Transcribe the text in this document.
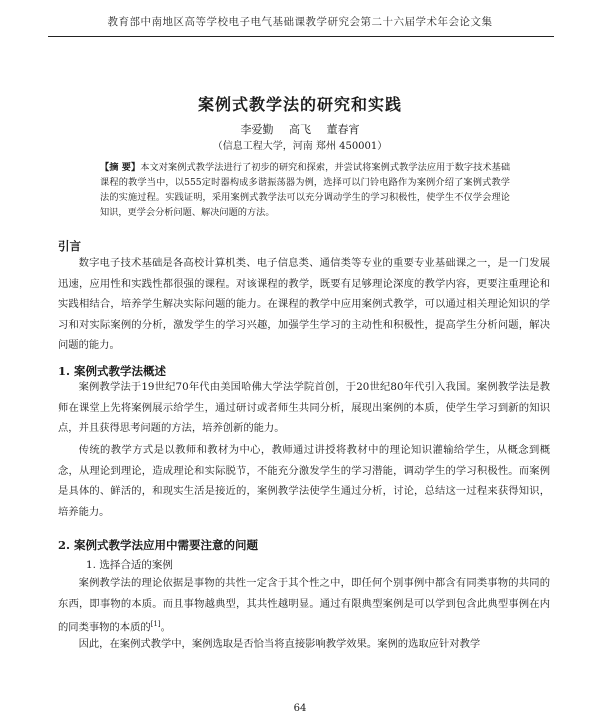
教育部中南地区高等学校电子电气基础课教学研究会第二十六届学术年会论文集
案例式教学法的研究和实践
李爱勤 高飞 董春宵
（信息工程大学，河南 郑州 450001）
【摘 要】本文对案例式教学法进行了初步的研究和探索，并尝试将案例式教学法应用于数字技术基础课程的教学当中，以555定时器构成多谐振荡器为例，选择可以门铃电路作为案例介绍了案例式教学法的实施过程。实践证明，采用案例式教学法可以充分调动学生的学习积极性，使学生不仅学会理论知识，更学会分析问题、解决问题的方法。
引言

数字电子技术基础是各高校计算机类、电子信息类、通信类等专业的重要专业基础课之一，是一门发展迅速，应用性和实践性都很强的课程。对该课程的教学，既要有足够理论深度的教学内容，更要注重理论和实践相结合，培养学生解决实际问题的能力。在课程的教学中应用案例式教学，可以通过相关理论知识的学习和对实际案例的分析，激发学生的学习兴趣，加强学生学习的主动性和积极性，提高学生分析问题，解决问题的能力。

1. 案例式教学法概述

案例教学法于19世纪70年代由美国哈佛大学法学院首创，于20世纪80年代引入我国。案例教学法是教师在课堂上先将案例展示给学生，通过研讨或者师生共同分析，展现出案例的本质，使学生学习到新的知识点，并且获得思考问题的方法，培养创新的能力。

传统的教学方式是以教师和教材为中心，教师通过讲授将教材中的理论知识灌输给学生，从概念到概念，从理论到理论，造成理论和实际脱节，不能充分激发学生的学习潜能，调动学生的学习积极性。而案例是具体的、鲜活的，和现实生活是接近的，案例教学法使学生通过分析，讨论，总结这一过程来获得知识，培养能力。

2. 案例式教学法应用中需要注意的问题
1. 选择合适的案例

案例教学法的理论依据是事物的共性一定含于其个性之中，即任何个别事例中都含有同类事物的共同的东西，即事物的本质。而且事物越典型，其共性越明显。通过有限典型案例是可以学到包含此典型事例在内的同类事物的本质的[1]。

因此，在案例式教学中，案例选取是否恰当将直接影响教学效果。案例的选取应针对教学

64
